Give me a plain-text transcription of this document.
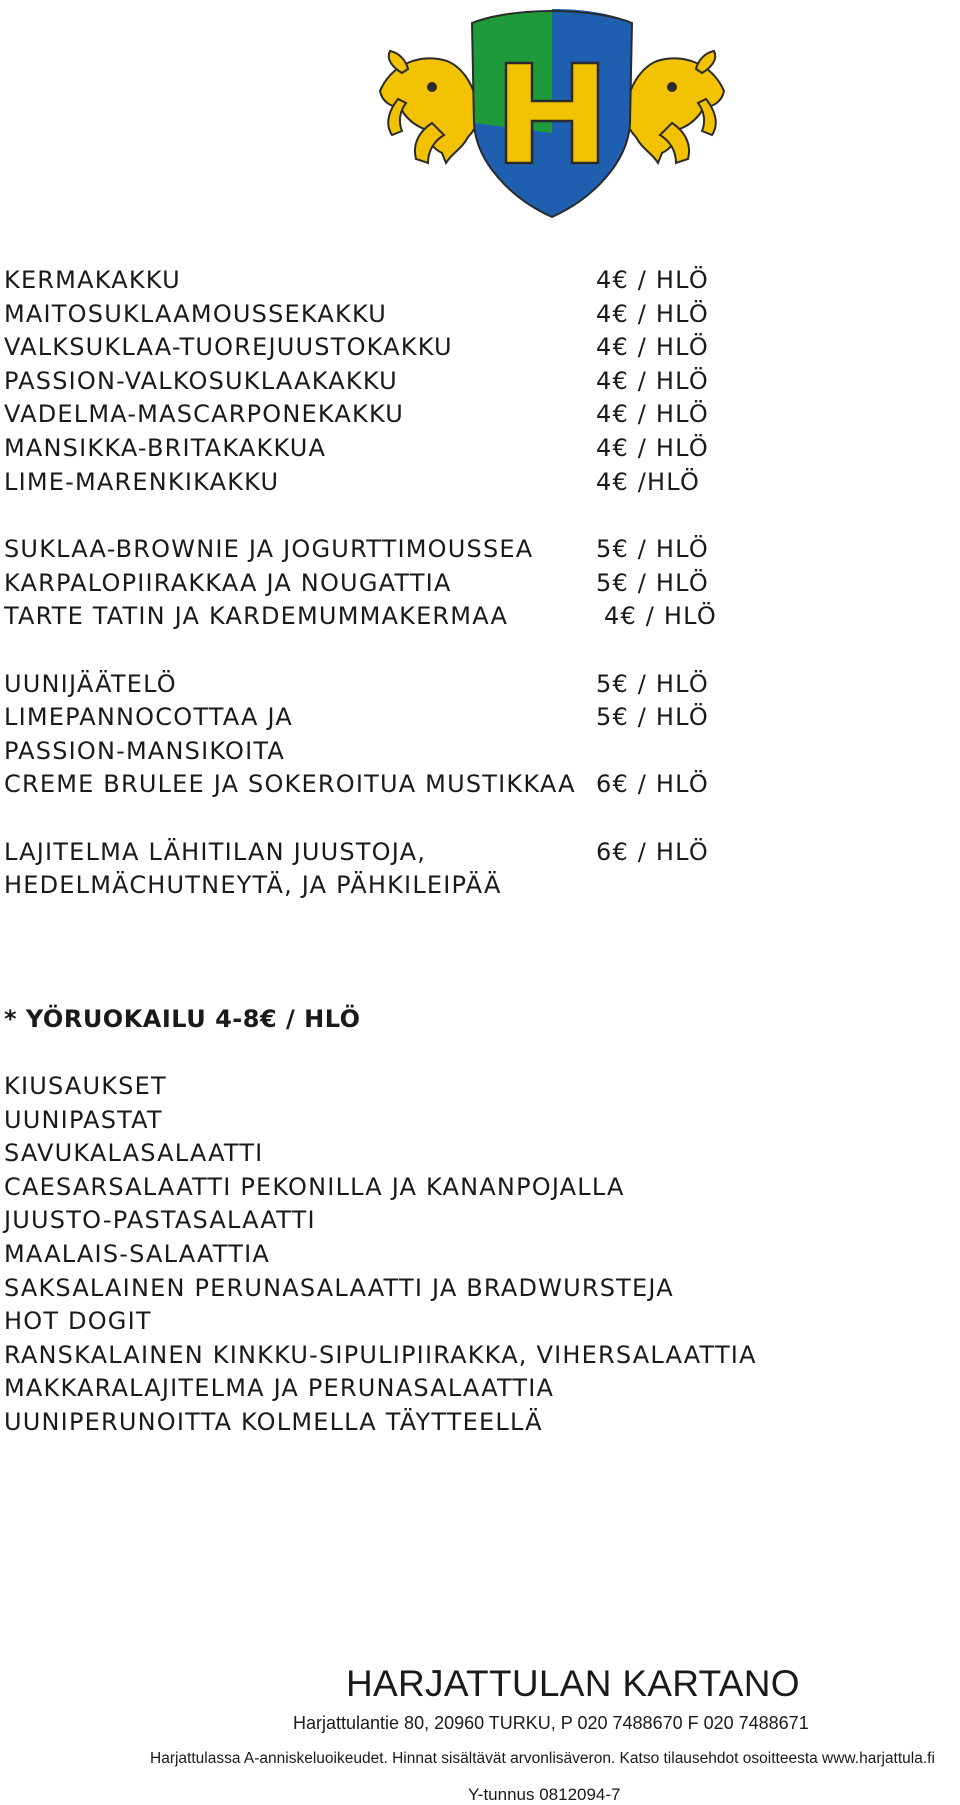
KERMAKAKKU	4€ / HLÖ
MAITOSUKLAAMOUSSEKAKKU	4€ / HLÖ
VALKSUKLAA-TUOREJUUSTOKAKKU	4€ / HLÖ
PASSION-VALKOSUKLAAKAKKU	4€ / HLÖ
VADELMA-MASCARPONEKAKKU	4€ / HLÖ
MANSIKKA-BRITAKAKKUA	4€ / HLÖ
LIME-MARENKIKAKKU	4€ /HLÖ
SUKLAA-BROWNIE JA JOGURTTIMOUSSEA	5€ / HLÖ
KARPALOPIIRAKKAA JA NOUGATTIA	5€ / HLÖ
TARTE TATIN JA KARDEMUMMAKERMAA	4€ / HLÖ
UUNIJÄÄTELÖ	5€ / HLÖ
LIMEPANNOCOTTAA JA	5€ / HLÖ
PASSION-MANSIKOITA
CREME BRULEE JA SOKEROITUA MUSTIKKAA 6€ / HLÖ
LAJITELMA LÄHITILAN JUUSTOJA,	6€ / HLÖ
HEDELMÄCHUTNEYTÄ, JA PÄHKILEIPÄÄ
* YÖRUOKAILU 4-8€ / HLÖ
KIUSAUKSET
UUNIPASTAT
SAVUKALASALAATTI
CAESARSALAATTI PEKONILLA JA KANANPOJALLA
JUUSTO-PASTASALAATTI
MAALAIS-SALAATTIA
SAKSALAINEN PERUNASALAATTI JA BRADWURSTEJA
HOT DOGIT
RANSKALAINEN KINKKU-SIPULIPIIRAKKA, VIHERSALAATTIA
MAKKARALAJITELMA JA PERUNASALAATTIA
UUNIPERUNOITTA KOLMELLA TÄYTTEELLÄ
HARJATTULAN KARTANO
Harjattulantie 80, 20960 TURKU, P 020 7488670 F 020 7488671
Harjattulassa A-anniskeluoikeudet. Hinnat sisältävät arvonlisäveron. Katso tilausehdot osoitteesta www.harjattula.fi
Y-tunnus 0812094-7
